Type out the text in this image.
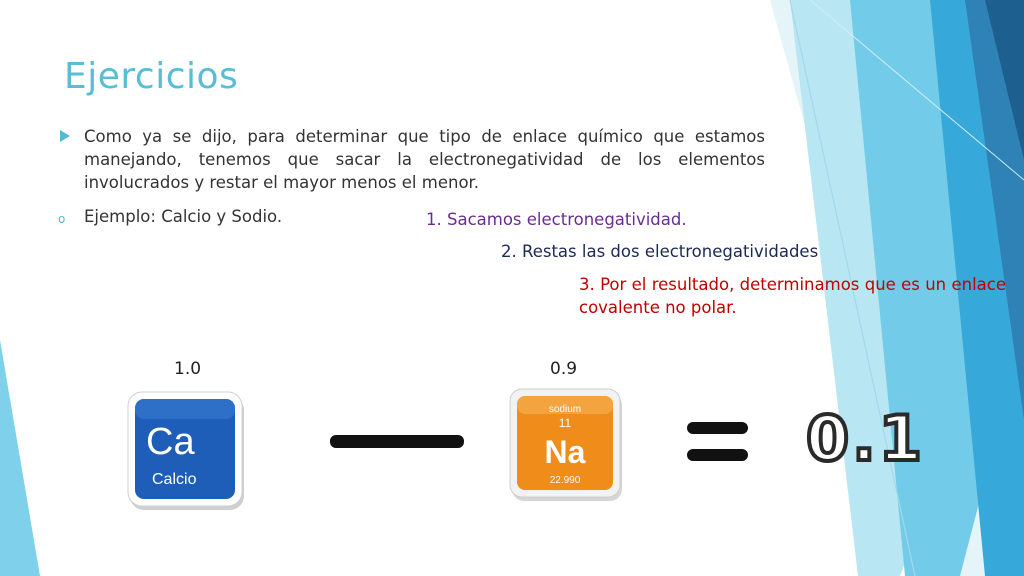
Ejercicios
Como ya se dijo, para determinar que tipo de enlace químico que estamos manejando, tenemos que sacar la electronegatividad de los elementos involucrados y restar el mayor menos el menor.
o Ejemplo: Calcio y Sodio.	1. Sacamos electronegatividad.
2. Restas las dos electronegatividades
3. Por el resultado, determinamos que es un enlace covalente no polar.
1.0	0.9
Ca
Calcio
sodium
11
Na
22.990
0.1
